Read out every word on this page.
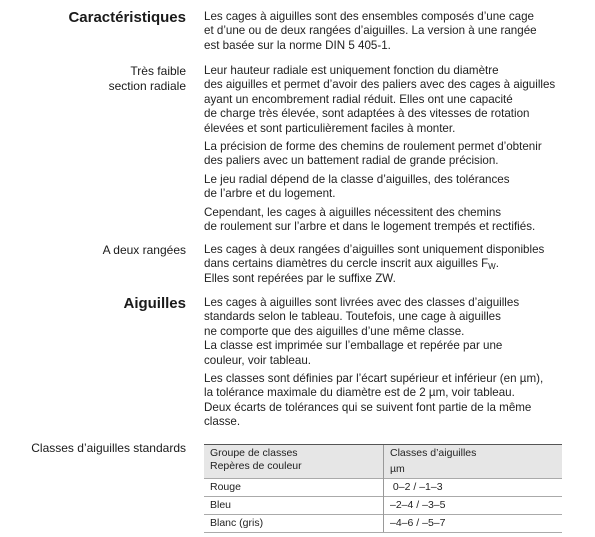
Caractéristiques Les cages à aiguilles sont des ensembles composés d’une cage
et d’une ou de deux rangées d’aiguilles. La version à une rangée
est basée sur la norme DIN 5 405-1.
Très faible
section radiale

Leur hauteur radiale est uniquement fonction du diamètre
des aiguilles et permet d’avoir des paliers avec des cages à aiguilles
ayant un encombrement radial réduit. Elles ont une capacité
de charge très élevée, sont adaptées à des vitesses de rotation
élevées et sont particulièrement faciles à monter.

La précision de forme des chemins de roulement permet d’obtenir
des paliers avec un battement radial de grande précision.

Le jeu radial dépend de la classe d’aiguilles, des tolérances
de l’arbre et du logement.

Cependant, les cages à aiguilles nécessitent des chemins
de roulement sur l’arbre et dans le logement trempés et rectifiés.

A deux rangées Les cages à deux rangées d’aiguilles sont uniquement disponibles
dans certains diamètres du cercle inscrit aux aiguilles $F_W$.
Elles sont repérées par le suffixe ZW.
Aiguilles Les cages à aiguilles sont livrées avec des classes d’aiguilles
standards selon le tableau. Toutefois, une cage à aiguilles
ne comporte que des aiguilles d’une même classe.
La classe est imprimée sur l’emballage et repérée par une
couleur, voir tableau.

Les classes sont définies par l’écart supérieur et inférieur (en µm),
la tolérance maximale du diamètre est de 2 µm, voir tableau.
Deux écarts de tolérances qui se suivent font partie de la même
classe.

Classes d’aiguilles standards Groupe de classes
Repères de couleur	Classes d’aiguilles
µm

Rouge	0–2 / –1–3
Bleu	–2–4 / –3–5
Blanc (gris)	–4–6 / –5–7
